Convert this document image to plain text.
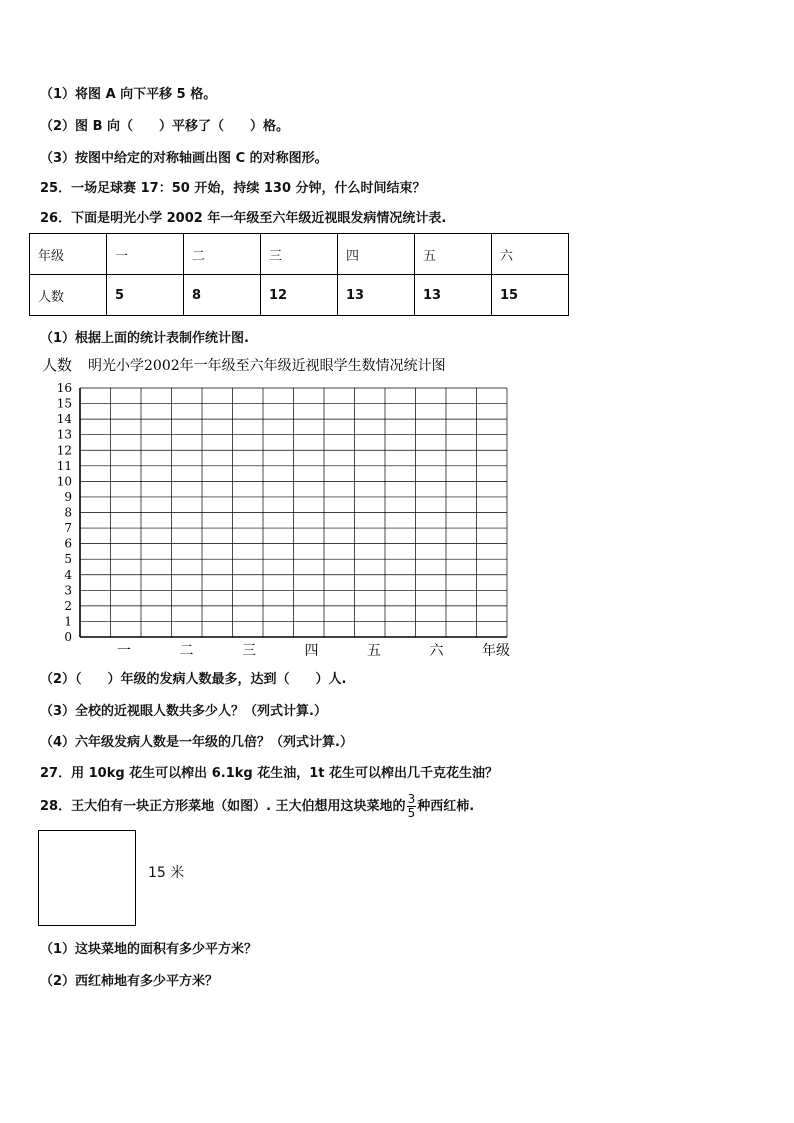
（1）将图 A 向下平移 5 格。
（2）图 B 向（　　）平移了（　　）格。
（3）按图中给定的对称轴画出图 C 的对称图形。
25．一场足球赛 17：50 开始，持续 130 分钟，什么时间结束？
26．下面是明光小学 2002 年一年级至六年级近视眼发病情况统计表.
年级	一	二	三	四	五	六
人数	5	8	12	13	13	15
（1）根据上面的统计表制作统计图.
人数 明光小学2002年一年级至六年级近视眼学生数情况统计图
年级
0
1
2
3
4
5
6
7
8
9
10
11
12
13
14
15
16
一	二	三	四	五	六
（2）（　　）年级的发病人数最多，达到（　　）人.
（3）全校的近视眼人数共多少人？（列式计算.）
（4）六年级发病人数是一年级的几倍？（列式计算.）
27．用 10kg 花生可以榨出 6.1kg 花生油，1t 花生可以榨出几千克花生油？
28．王大伯有一块正方形菜地（如图）. 王大伯想用这块菜地的 $\frac{3}{5}$ 种西红柿.
15 米
（1）这块菜地的面积有多少平方米？
（2）西红柿地有多少平方米？
